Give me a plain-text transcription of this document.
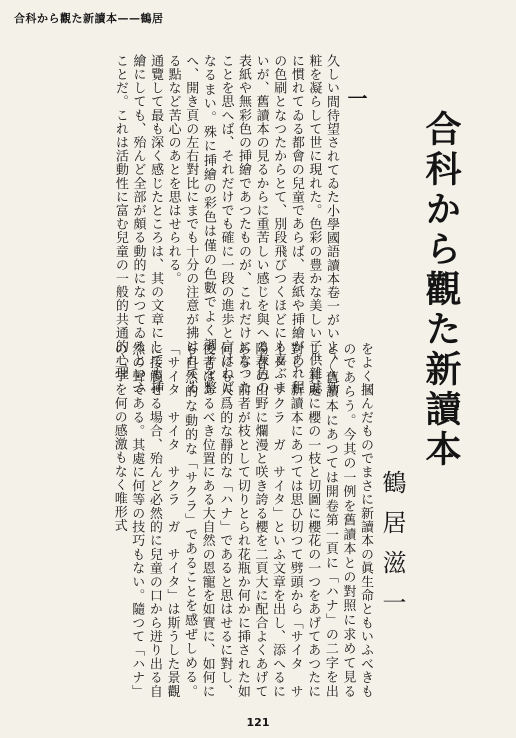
合科から觀た新讀本——鶴居
合科から觀た新讀本
鶴居滋一
一

久しい間待望されてゐた小學國語讀本卷一がいよ〳〵新粧を凝らして世に現れた。色彩の豊かな美しい子供雜誌に慣れてゐる都會の兒童であらば、表紙や挿繪があれ程の色刷となつたからとて、別段飛びつくほどにも喜ぶまいが、舊讀本の見るからに重苦しい感じを與へる灰色の表紙や無彩色の挿繪であつたものが、これだけになつたことを思へば、それだけでも確に一段の進歩と言はねばなるまい。殊に挿繪の彩色は僅の色數でよく調子を整へ、開き頁の左右對比にまでも十分の注意が拂はれてゐる點など苦心のあとを思はせられる。

通覽して最も深く感じたところは、其の文章にしても挿繪にしても、殆んど全部が頗る動的になつてゐるといふことだ。これは活動性に富む兒童の一般的共通的心理

をよく摑んだものでまさに新讀本の眞生命ともいふべきものであらう。今其の一例を舊讀本との對照に求めて見ると、舊讀本にあつては開卷第一頁に「ハナ」の二字を出し、其處に櫻の一枝と切圖に櫻花の一つをあげてあつたに對し、新讀本にあつては思ひ切つて劈頭から「サイタ　サイタ　サクラ　ガ　サイタ」といふ文章を出し、添へるに陽春の山野に爛漫と咲き誇る櫻を二頁大に配合よくあげてある。前者が枝として切りとられ花瓶か何かに挿された如何にも人爲的な靜的な「ハナ」であると思はせるに對し、後者はあるべき位置にある大自然の恩寵を如實に、如何にも自然的な動的な「サクラ」であることを感ぜしめる。「サイタ　サイタ　サクラ　ガ　サイタ」は斯うした景觀に接觸せる場合、殆んど必然的に兒童の口から迸り出る自然の聲である。其處に何等の技巧もない。隨つて「ハナ」の二字を何の感激もなく唯形式

121
